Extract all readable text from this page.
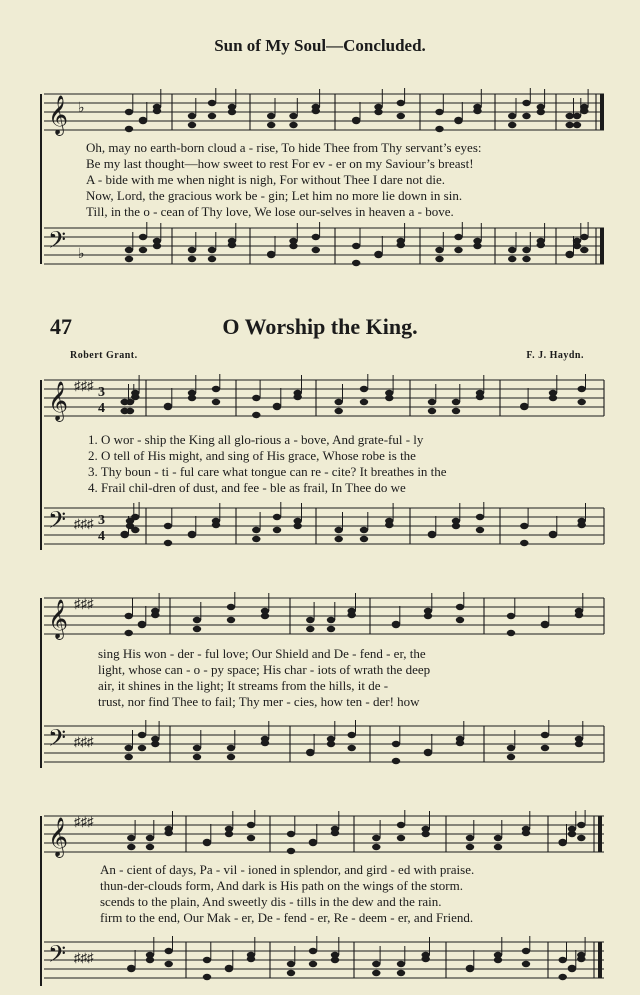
Sun of My Soul—Concluded.
𝄞 ♭
𝄢 ♭
Oh, may no earth-born cloud a - rise, To hide Thee from Thy servant’s eyes:
Be my last thought—how sweet to rest For ev - er on my Saviour’s breast!
A - bide with me when night is nigh, For without Thee I dare not die.
Now, Lord, the gracious work be - gin; Let him no more lie down in sin.
Till, in the o - cean of Thy love, We lose our-selves in heaven a - bove.
47	O Worship the King.
Robert Grant.	F. J. Haydn.
𝄞 ♯♯♯ 3
4
𝄢 ♯♯♯ 3
4
1. O wor - ship the King all glo-rious a - bove, And grate-ful - ly
2. O tell of His might, and sing of His grace, Whose robe is the
3. Thy boun - ti - ful care what tongue can re - cite? It breathes in the
4. Frail chil-dren of dust, and fee - ble as frail, In Thee do we
𝄞 ♯♯♯
𝄢 ♯♯♯
sing His won - der - ful love; Our Shield and De - fend - er, the
light, whose can - o - py space; His char - iots of wrath the deep
air, it shines in the light; It streams from the hills, it de -
trust, nor find Thee to fail; Thy mer - cies, how ten - der! how
𝄞 ♯♯♯
𝄢 ♯♯♯
An - cient of days, Pa - vil - ioned in splendor, and gird - ed with praise.
thun-der-clouds form, And dark is His path on the wings of the storm.
scends to the plain, And sweetly dis - tills in the dew and the rain.
firm to the end, Our Mak - er, De - fend - er, Re - deem - er, and Friend.
